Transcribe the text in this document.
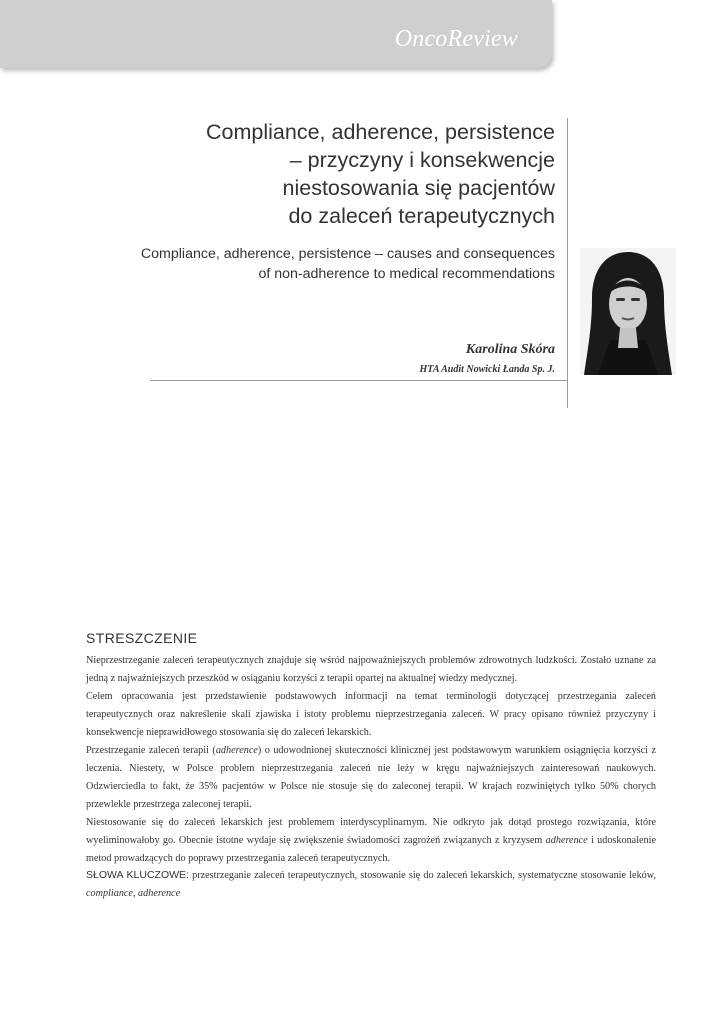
OncoReview
Compliance, adherence, persistence
– przyczyny i konsekwencje
niestosowania się pacjentów
do zaleceń terapeutycznych
Compliance, adherence, persistence – causes and consequences
of non-adherence to medical recommendations
Karolina Skóra
HTA Audit Nowicki Łanda Sp. J.
STRESZCZENIE

Nieprzestrzeganie zaleceń terapeutycznych znajduje się wśród najpoważniejszych problemów zdrowotnych ludzkości. Zostało uznane za jedną z najważniejszych przeszkód w osiąganiu korzyści z terapii opartej na aktualnej wiedzy medycznej.

Celem opracowania jest przedstawienie podstawowych informacji na temat terminologii dotyczącej przestrzegania zaleceń terapeutycznych oraz nakreślenie skali zjawiska i istoty problemu nieprzestrzegania zaleceń. W pracy opisano również przyczyny i konsekwencje nieprawidłowego stosowania się do zaleceń lekarskich.

Przestrzeganie zaleceń terapii (adherence) o udowodnionej skuteczności klinicznej jest podstawowym warunkiem osiągnięcia korzyści z leczenia. Niestety, w Polsce problem nieprzestrzegania zaleceń nie leży w kręgu najważniejszych zainteresowań naukowych. Odzwierciedla to fakt, że 35% pacjentów w Polsce nie stosuje się do zaleconej terapii. W krajach rozwiniętych tylko 50% chorych przewlekle przestrzega zaleconej terapii.

Niestosowanie się do zaleceń lekarskich jest problemem interdyscyplinarnym. Nie odkryto jak dotąd prostego rozwiązania, które wyeliminowałoby go. Obecnie istotne wydaje się zwiększenie świadomości zagrożeń związanych z kryzysem adherence i udoskonalenie metod prowadzących do poprawy przestrzegania zaleceń terapeutycznych.

SŁOWA KLUCZOWE: przestrzeganie zaleceń terapeutycznych, stosowanie się do zaleceń lekarskich, systematyczne stosowanie leków, compliance, adherence
